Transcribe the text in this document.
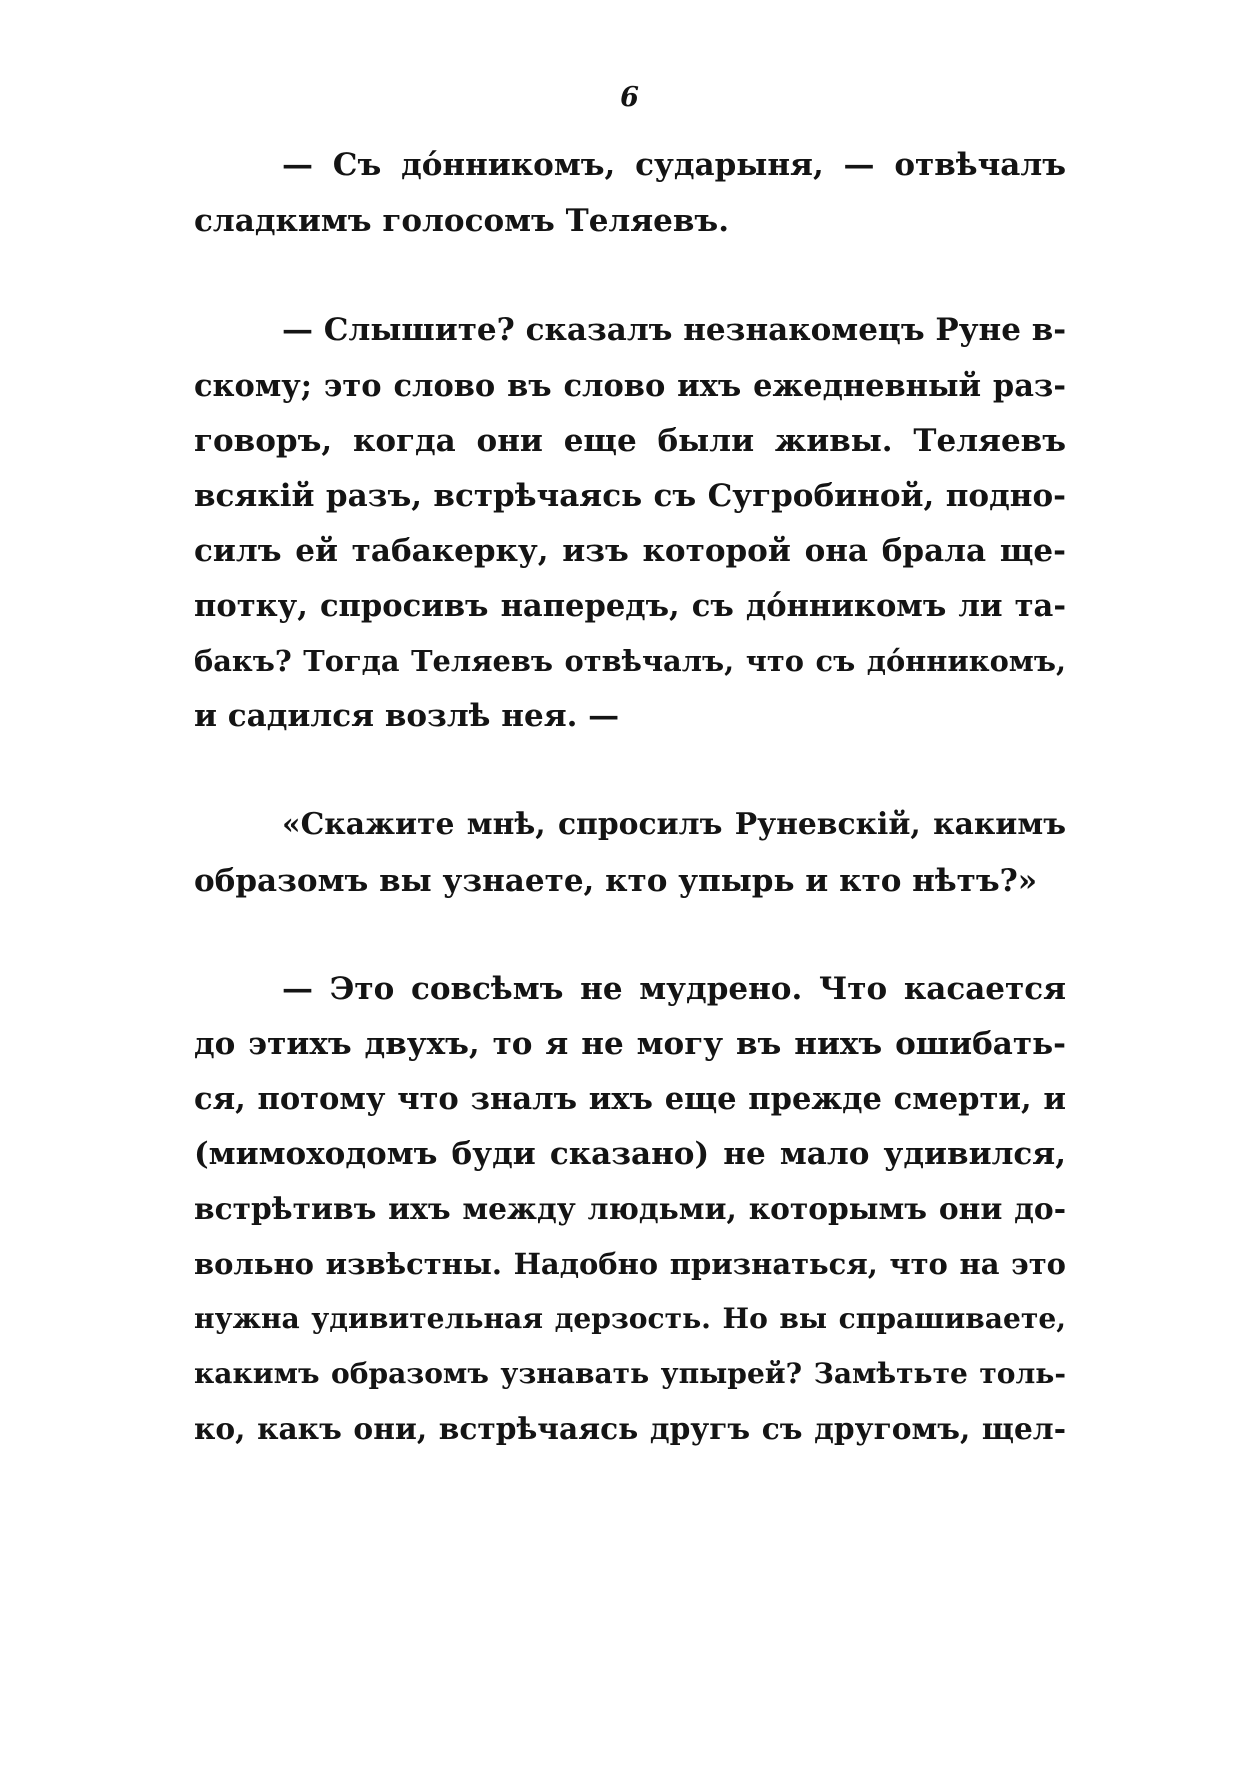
6
— Съ дόнникомъ, сударыня, — отвѣчалъ
сладкимъ голосомъ Теляевъ.
— Слышите? сказалъ незнакомецъ Руне в-
скому; это слово въ слово ихъ ежедневный раз-
говоръ, когда они еще были живы. Теляевъ
всякій разъ, встрѣчаясь съ Сугробиной, подно-
силъ ей табакерку, изъ которой она брала ще-
потку, спросивъ напередъ, съ дόнникомъ ли та-
бакъ? Тогда Теляевъ отвѣчалъ, что съ дόнникомъ,
и садился возлѣ нея. —
«Скажите мнѣ, спросилъ Руневскій, какимъ
образомъ вы узнаете, кто упырь и кто нѣтъ?»
— Это совсѣмъ не мудрено. Что касается
до этихъ двухъ, то я не могу въ нихъ ошибать-
ся, потому что зналъ ихъ еще прежде смерти, и
(мимоходомъ буди сказано) не мало удивился,
встрѣтивъ ихъ между людьми, которымъ они до-
вольно извѣстны. Надобно признаться, что на это
нужна удивительная дерзость. Но вы спрашиваете,
какимъ образомъ узнавать упырей? Замѣтьте толь-
ко, какъ они, встрѣчаясь другъ съ другомъ, щел-
